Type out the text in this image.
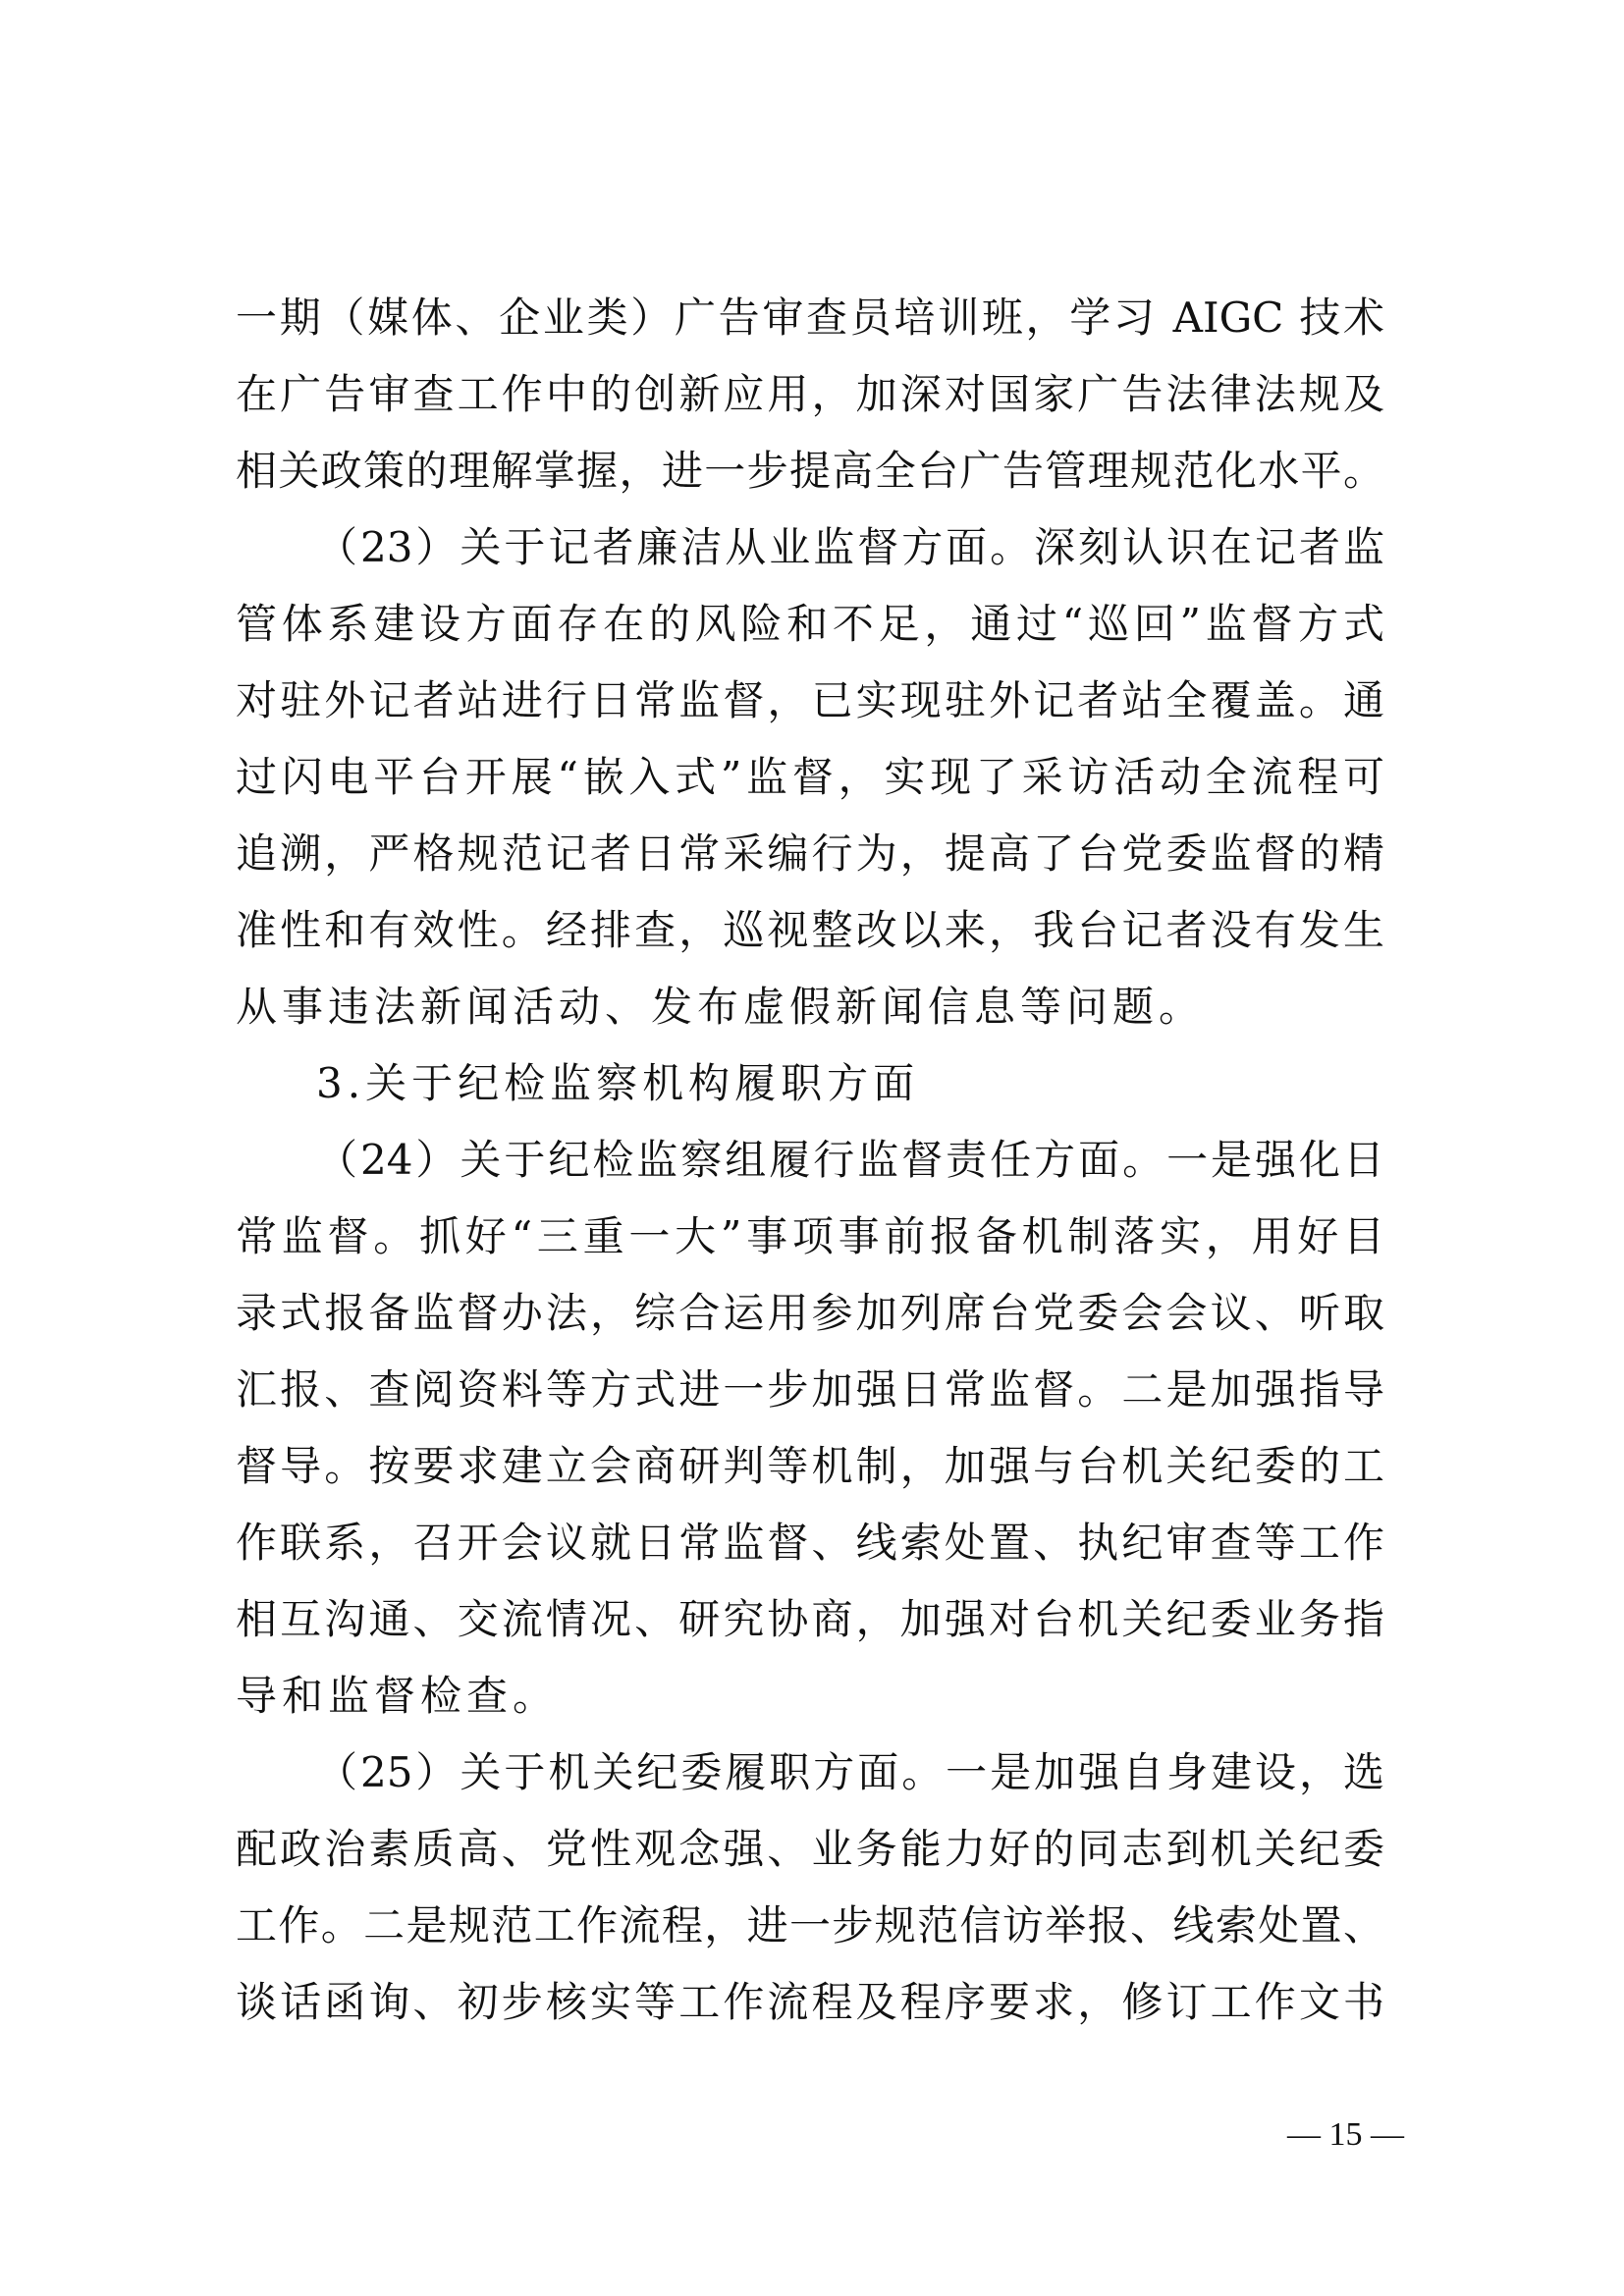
一期（媒体、企业类）广告审查员培训班，学习 AIGC 技术
在广告审查工作中的创新应用，加深对国家广告法律法规及
相关政策的理解掌握，进一步提高全台广告管理规范化水平。
（23）关于记者廉洁从业监督方面。深刻认识在记者监
管体系建设方面存在的风险和不足，通过“巡回”监督方式
对驻外记者站进行日常监督，已实现驻外记者站全覆盖。通
过闪电平台开展“嵌入式”监督，实现了采访活动全流程可
追溯，严格规范记者日常采编行为，提高了台党委监督的精
准性和有效性。经排查，巡视整改以来，我台记者没有发生
从事违法新闻活动、发布虚假新闻信息等问题。
3.关于纪检监察机构履职方面
（24）关于纪检监察组履行监督责任方面。一是强化日
常监督。抓好“三重一大”事项事前报备机制落实，用好目
录式报备监督办法，综合运用参加列席台党委会会议、听取
汇报、查阅资料等方式进一步加强日常监督。二是加强指导
督导。按要求建立会商研判等机制，加强与台机关纪委的工
作联系，召开会议就日常监督、线索处置、执纪审查等工作
相互沟通、交流情况、研究协商，加强对台机关纪委业务指
导和监督检查。
（25）关于机关纪委履职方面。一是加强自身建设，选
配政治素质高、党性观念强、业务能力好的同志到机关纪委
工作。二是规范工作流程，进一步规范信访举报、线索处置、
谈话函询、初步核实等工作流程及程序要求，修订工作文书
— 15 —
